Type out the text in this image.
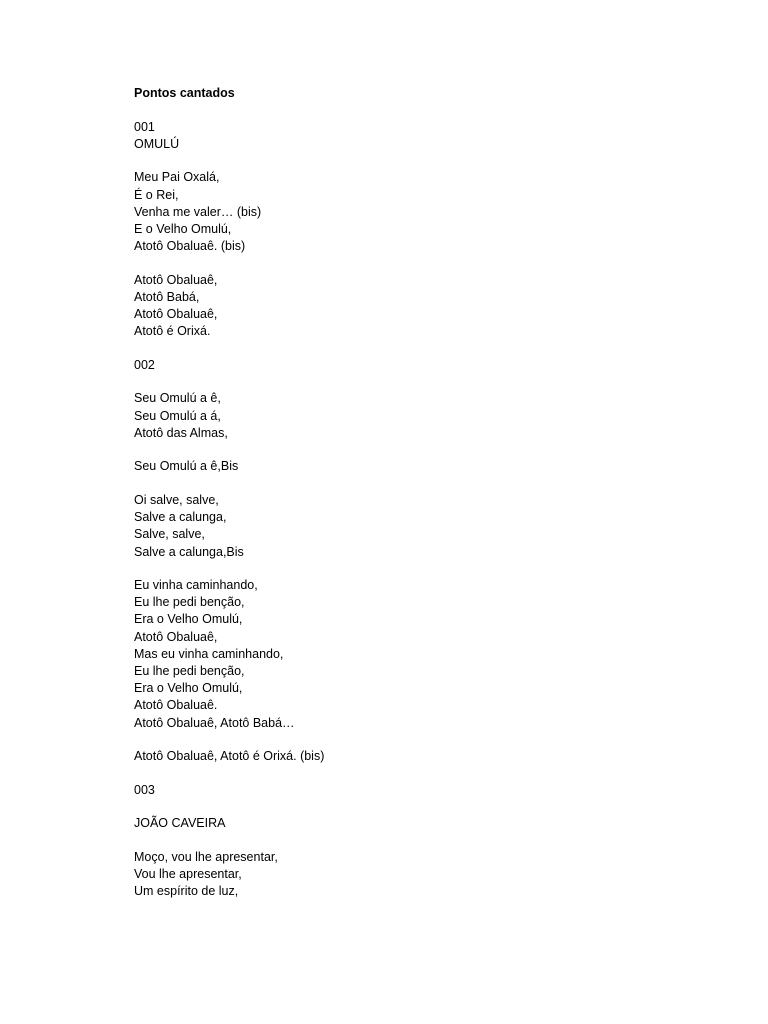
Pontos cantados
001
OMULÚ
Meu Pai Oxalá,
É o Rei,
Venha me valer… (bis)
E o Velho Omulú,
Atotô Obaluaê. (bis)
Atotô Obaluaê,
Atotô Babá,
Atotô Obaluaê,
Atotô é Orixá.
002
Seu Omulú a ê,
Seu Omulú a á,
Atotô das Almas,
Seu Omulú a ê,Bis
Oi salve, salve,
Salve a calunga,
Salve, salve,
Salve a calunga,Bis
Eu vinha caminhando,
Eu lhe pedi benção,
Era o Velho Omulú,
Atotô Obaluaê,
Mas eu vinha caminhando,
Eu lhe pedi benção,
Era o Velho Omulú,
Atotô Obaluaê.
Atotô Obaluaê, Atotô Babá…
Atotô Obaluaê, Atotô é Orixá. (bis)
003
JOÃO CAVEIRA
Moço, vou lhe apresentar,
Vou lhe apresentar,
Um espírito de luz,
